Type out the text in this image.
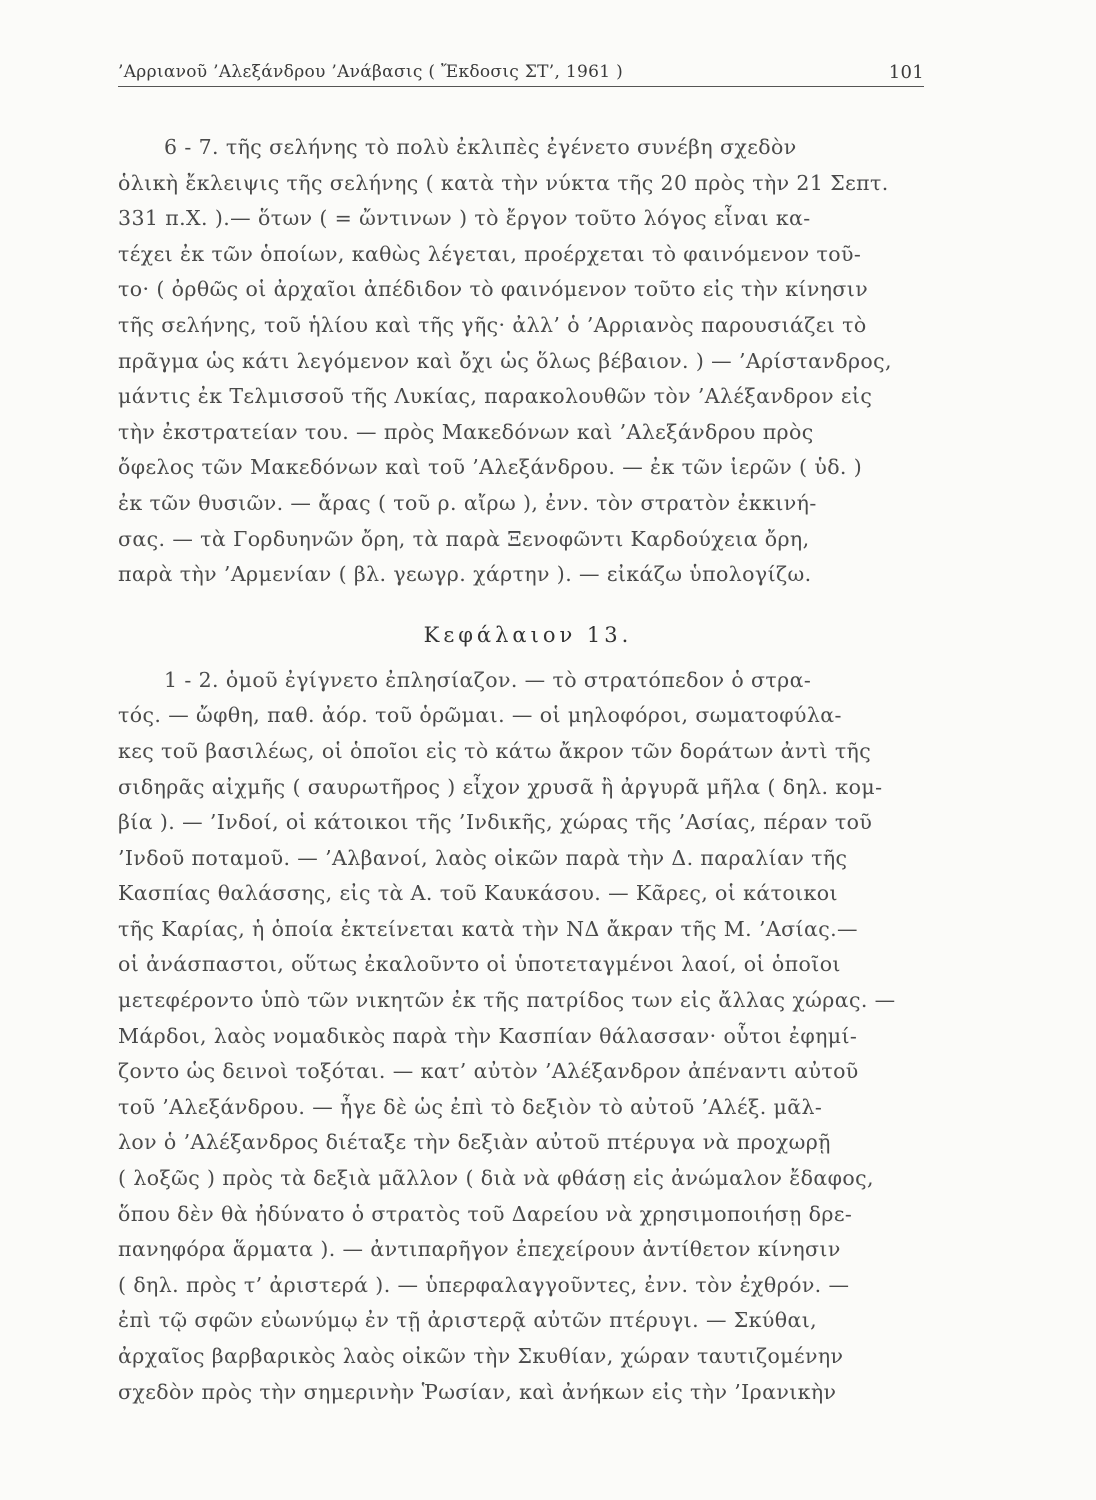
’Αρριανοῦ ’Αλεξάνδρου ’Ανάβασις ( Ἔκδοσις ΣΤ’, 1961 )	101
6 - 7. τῆς σελήνης τὸ πολὺ ἐκλιπὲς ἐγένετο συνέβη σχεδὸν
ὁλικὴ ἔκλειψις τῆς σελήνης ( κατὰ τὴν νύκτα τῆς 20 πρὸς τὴν 21 Σεπτ.
331 π.Χ. ).— ὅτων ( = ὤντινων ) τὸ ἔργον τοῦτο λόγος εἶναι κα-
τέχει ἐκ τῶν ὁποίων, καθὼς λέγεται, προέρχεται τὸ φαινόμενον τοῦ-
το· ( ὀρθῶς οἱ ἀρχαῖοι ἀπέδιδον τὸ φαινόμενον τοῦτο εἰς τὴν κίνησιν
τῆς σελήνης, τοῦ ἡλίου καὶ τῆς γῆς· ἀλλ’ ὁ ’Αρριανὸς παρουσιάζει τὸ
πρᾶγμα ὡς κάτι λεγόμενον καὶ ὄχι ὡς ὅλως βέβαιον. ) — ’Αρίστανδρος,
μάντις ἐκ Τελμισσοῦ τῆς Λυκίας, παρακολουθῶν τὸν ’Αλέξανδρον εἰς
τὴν ἐκστρατείαν του. — πρὸς Μακεδόνων καὶ ’Αλεξάνδρου πρὸς
ὄφελος τῶν Μακεδόνων καὶ τοῦ ’Αλεξάνδρου. — ἐκ τῶν ἱερῶν ( ὑδ. )
ἐκ τῶν θυσιῶν. — ἄρας ( τοῦ ρ. αἴρω ), ἐνν. τὸν στρατὸν ἐκκινή-
σας. — τὰ Γορδυηνῶν ὄρη, τὰ παρὰ Ξενοφῶντι Καρδούχεια ὄρη,
παρὰ τὴν ’Αρμενίαν ( βλ. γεωγρ. χάρτην ). — εἰκάζω ὑπολογίζω.
Κεφάλαιον 13.
1 - 2. ὁμοῦ ἐγίγνετο ἐπλησίαζον. — τὸ στρατόπεδον ὁ στρα-
τός. — ὤφθη, παθ. ἀόρ. τοῦ ὁρῶμαι. — οἱ μηλοφόροι, σωματοφύλα-
κες τοῦ βασιλέως, οἱ ὁποῖοι εἰς τὸ κάτω ἄκρον τῶν δοράτων ἀντὶ τῆς
σιδηρᾶς αἰχμῆς ( σαυρωτῆρος ) εἶχον χρυσᾶ ἢ ἀργυρᾶ μῆλα ( δηλ. κομ-
βία ). — ’Ινδοί, οἱ κάτοικοι τῆς ’Ινδικῆς, χώρας τῆς ’Ασίας, πέραν τοῦ
’Ινδοῦ ποταμοῦ. — ’Αλβανοί, λαὸς οἰκῶν παρὰ τὴν Δ. παραλίαν τῆς
Κασπίας θαλάσσης, εἰς τὰ Α. τοῦ Καυκάσου. — Κᾶρες, οἱ κάτοικοι
τῆς Καρίας, ἡ ὁποία ἐκτείνεται κατὰ τὴν ΝΔ ἄκραν τῆς Μ. ’Ασίας.—
οἱ ἀνάσπαστοι, οὕτως ἐκαλοῦντο οἱ ὑποτεταγμένοι λαοί, οἱ ὁποῖοι
μετεφέροντο ὑπὸ τῶν νικητῶν ἐκ τῆς πατρίδος των εἰς ἄλλας χώρας. —
Μάρδοι, λαὸς νομαδικὸς παρὰ τὴν Κασπίαν θάλασσαν· οὗτοι ἐφημί-
ζοντο ὡς δεινοὶ τοξόται. — κατ’ αὐτὸν ’Αλέξανδρον ἀπέναντι αὐτοῦ
τοῦ ’Αλεξάνδρου. — ἦγε δὲ ὡς ἐπὶ τὸ δεξιὸν τὸ αὐτοῦ ’Αλέξ. μᾶλ-
λον ὁ ’Αλέξανδρος διέταξε τὴν δεξιὰν αὐτοῦ πτέρυγα νὰ προχωρῇ
( λοξῶς ) πρὸς τὰ δεξιὰ μᾶλλον ( διὰ νὰ φθάσῃ εἰς ἀνώμαλον ἔδαφος,
ὅπου δὲν θὰ ἠδύνατο ὁ στρατὸς τοῦ Δαρείου νὰ χρησιμοποιήσῃ δρε-
πανηφόρα ἅρματα ). — ἀντιπαρῆγον ἐπεχείρουν ἀντίθετον κίνησιν
( δηλ. πρὸς τ’ ἀριστερά ). — ὑπερφαλαγγοῦντες, ἐνν. τὸν ἐχθρόν. —
ἐπὶ τῷ σφῶν εὐωνύμῳ ἐν τῇ ἀριστερᾷ αὐτῶν πτέρυγι. — Σκύθαι,
ἀρχαῖος βαρβαρικὸς λαὸς οἰκῶν τὴν Σκυθίαν, χώραν ταυτιζομένην
σχεδὸν πρὸς τὴν σημερινὴν Ῥωσίαν, καὶ ἀνήκων εἰς τὴν ’Ιρανικὴν
